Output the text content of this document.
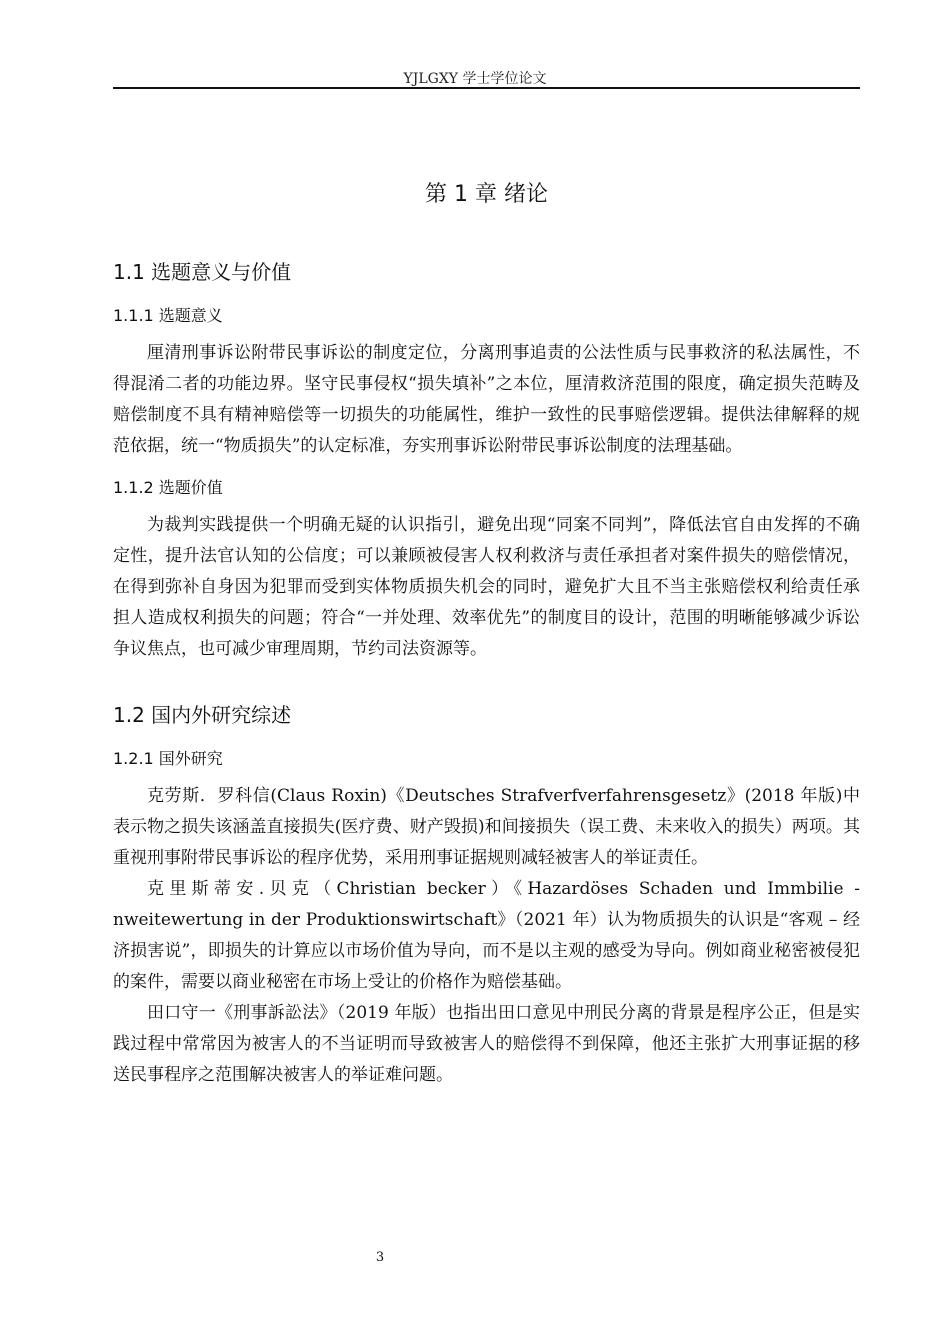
YJLGXY 学士学位论文
第 1 章 绪论
1.1 选题意义与价值
1.1.1 选题意义

厘清刑事诉讼附带民事诉讼的制度定位，分离刑事追责的公法性质与民事救济的私法属性，不得混淆二者的功能边界。坚守民事侵权“损失填补”之本位，厘清救济范围的限度，确定损失范畴及赔偿制度不具有精神赔偿等一切损失的功能属性，维护一致性的民事赔偿逻辑。提供法律解释的规范依据，统一“物质损失”的认定标准，夯实刑事诉讼附带民事诉讼制度的法理基础。

1.1.2 选题价值

为裁判实践提供一个明确无疑的认识指引，避免出现“同案不同判”，降低法官自由发挥的不确定性，提升法官认知的公信度；可以兼顾被侵害人权利救济与责任承担者对案件损失的赔偿情况，在得到弥补自身因为犯罪而受到实体物质损失机会的同时，避免扩大且不当主张赔偿权利给责任承担人造成权利损失的问题；符合“一并处理、效率优先”的制度目的设计，范围的明晰能够减少诉讼争议焦点，也可减少审理周期，节约司法资源等。

1.2 国内外研究综述
1.2.1 国外研究

克劳斯．罗科信(Claus Roxin)《Deutsches Strafverfverfahrensgesetz》(2018 年版)中表示物之损失该涵盖直接损失(医疗费、财产毁损)和间接损失（误工费、未来收入的损失）两项。其重视刑事附带民事诉讼的程序优势，采用刑事证据规则减轻被害人的举证责任。

克里斯蒂安.贝克（Christian becker）《Hazardöses Schaden und Immbilie -nweitewertung in der Produktionswirtschaft》（2021 年）认为物质损失的认识是“客观 – 经济损害说”，即损失的计算应以市场价值为导向，而不是以主观的感受为导向。例如商业秘密被侵犯的案件，需要以商业秘密在市场上受让的价格作为赔偿基础。

田口守一《刑事訴訟法》（2019 年版）也指出田口意见中刑民分离的背景是程序公正，但是实践过程中常常因为被害人的不当证明而导致被害人的赔偿得不到保障，他还主张扩大刑事证据的移送民事程序之范围解决被害人的举证难问题。

3
